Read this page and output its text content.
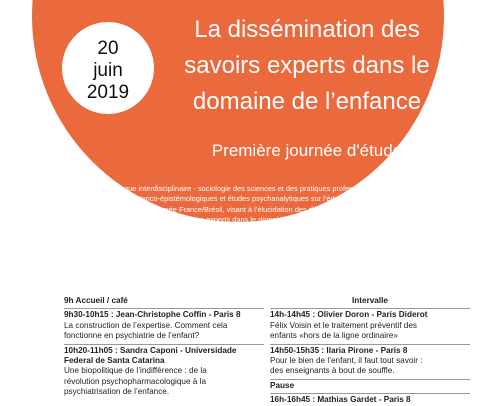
20
juin
2019
La dissémination des
savoirs experts dans le
domaine de l’enfance
Première journée d'étude
Dialogue interdisciplinaire - sociologie des sciences et des pratiques professionnelles,
études historico-épistémologiques et études psychanalytiques sur l’éducation - axé sur
une analyse comparée France/Brésil, visant à l’élucidation des différents mécanismes de
dissémination des savoirs experts dans le domaine de l’enfance, ainsi que ses
incidences sur le dédoublement du lien social adulte-enfant et leurs retombées
sur les processus de constitution de la subjectivité infantile.
Salle des thèses, Espace Deleuze, Bât A, 1ᵉʳ étage
Université Paris 8
9h Accueil / café
9h30-10h15 : Jean-Christophe Coffin - Paris 8
La construction de l’expertise. Comment cela
fonctionne en psychiatrie de l’enfant?
10h20-11h05 : Sandra Caponi - Universidade
Federal de Santa Catarina
Une biopolitique de l’indifférence : de la
révolution psychopharmacologique à la
psychiatrisation de l’enfance.
Intervalle
14h-14h45 : Olivier Doron - Paris Diderot
Félix Voisin et le traitement préventif des
enfants «hors de la ligne ordinaire»
14h50-15h35 : Ilaria Pirone - Paris 8
Pour le bien de l’enfant, il faut tout savoir :
des enseignants à bout de souffle.
Pause
16h-16h45 : Mathias Gardet - Paris 8
